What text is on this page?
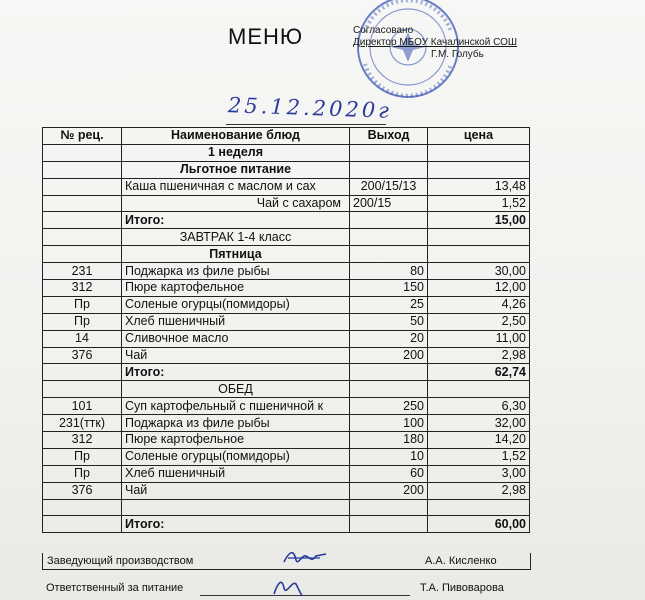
МЕНЮ	Согласовано
Директор МБОУ Качалинской СОШ
Г.М. Голубь
25.12.2020г
№ рец.	Наименование блюд	Выход	цена
	1 неделя		
	Льготное питание		
	Каша пшеничная с маслом и сах	200/15/13	13,48
	Чай с сахаром	200/15	1,52
	Итого:		15,00
	ЗАВТРАК 1-4 класс		
	Пятница		
231	Поджарка из филе рыбы	80	30,00
312	Пюре картофельное	150	12,00
Пр	Соленые огурцы(помидоры)	25	4,26
Пр	Хлеб пшеничный	50	2,50
14	Сливочное масло	20	11,00
376	Чай	200	2,98
	Итого:		62,74
	ОБЕД		
101	Суп картофельный с пшеничной к	250	6,30
231(ттк)	Поджарка из филе рыбы	100	32,00
312	Пюре картофельное	180	14,20
Пр	Соленые огурцы(помидоры)	10	1,52
Пр	Хлеб пшеничный	60	3,00
376	Чай	200	2,98

	Итого:		60,00
Заведующий производством	А.А. Кисленко
Ответственный за питание	Т.А. Пивоварова
